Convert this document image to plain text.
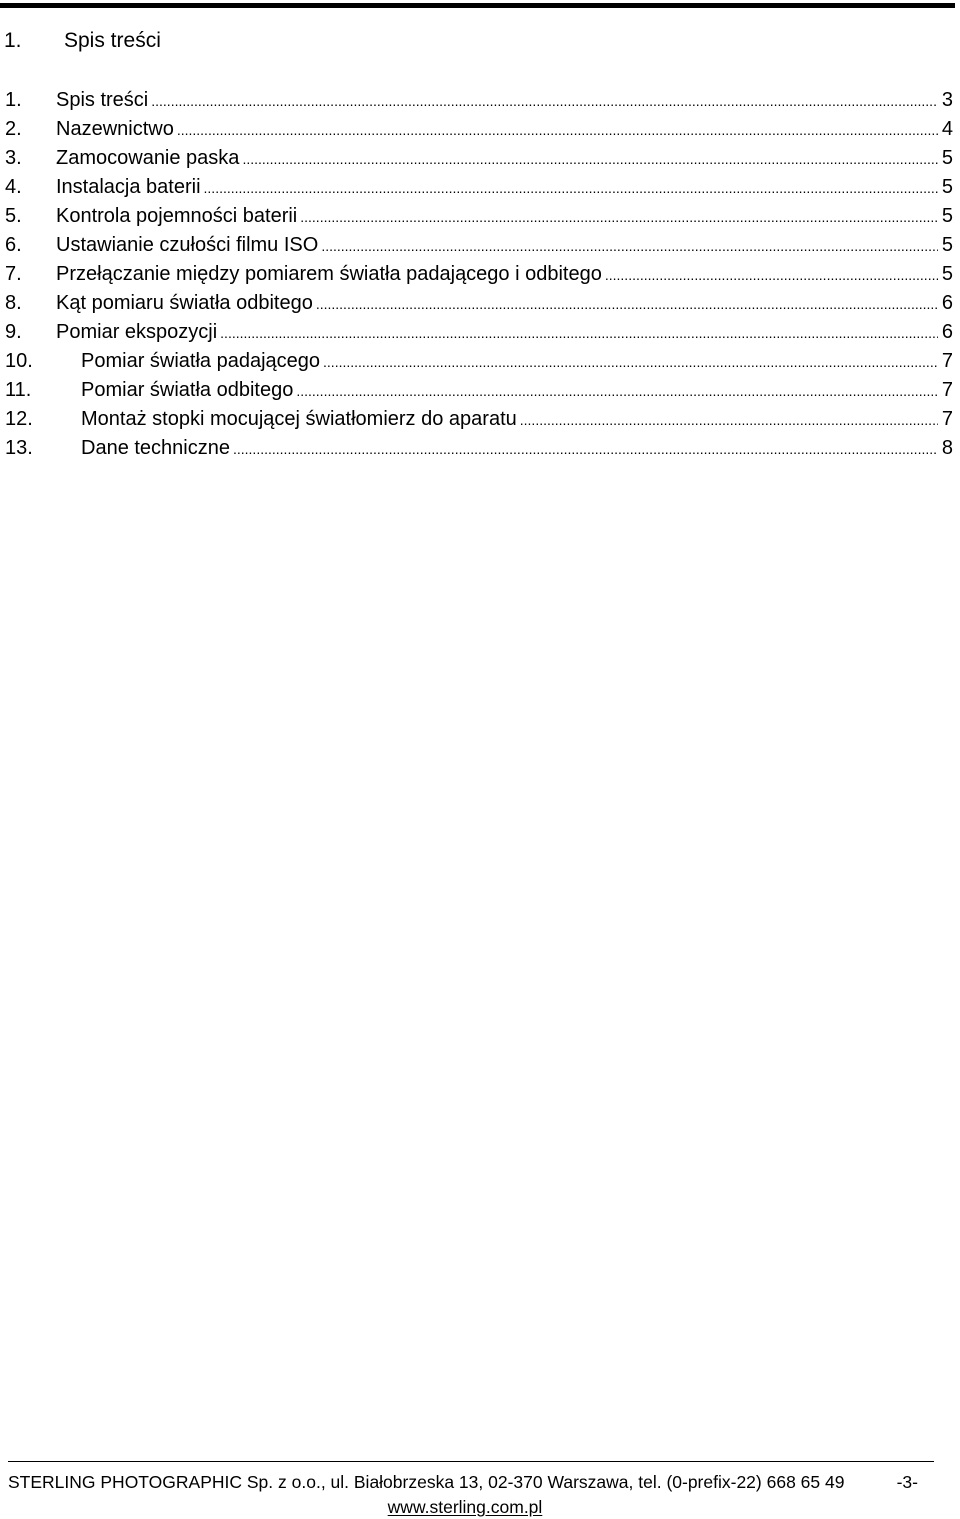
1.	Spis treści
1.	Spis treści .....	3
2.	Nazewnictwo .....	4
3.	Zamocowanie paska .....	5
4.	Instalacja baterii .....	5
5.	Kontrola pojemności baterii .....	5
6.	Ustawianie czułości filmu ISO .....	5
7.	Przełączanie między pomiarem światła padającego i odbitego .....	5
8.	Kąt pomiaru światła odbitego .....	6
9.	Pomiar ekspozycji .....	6
10.	Pomiar światła padającego .....	7
11.	Pomiar światła odbitego .....	7
12.	Montaż stopki mocującej światłomierz do aparatu .....	7
13.	Dane techniczne .....	8
STERLING PHOTOGRAPHIC Sp. z o.o., ul. Białobrzeska 13, 02-370 Warszawa, tel. (0-prefix-22) 668 65 49	-3-
www.sterling.com.pl
